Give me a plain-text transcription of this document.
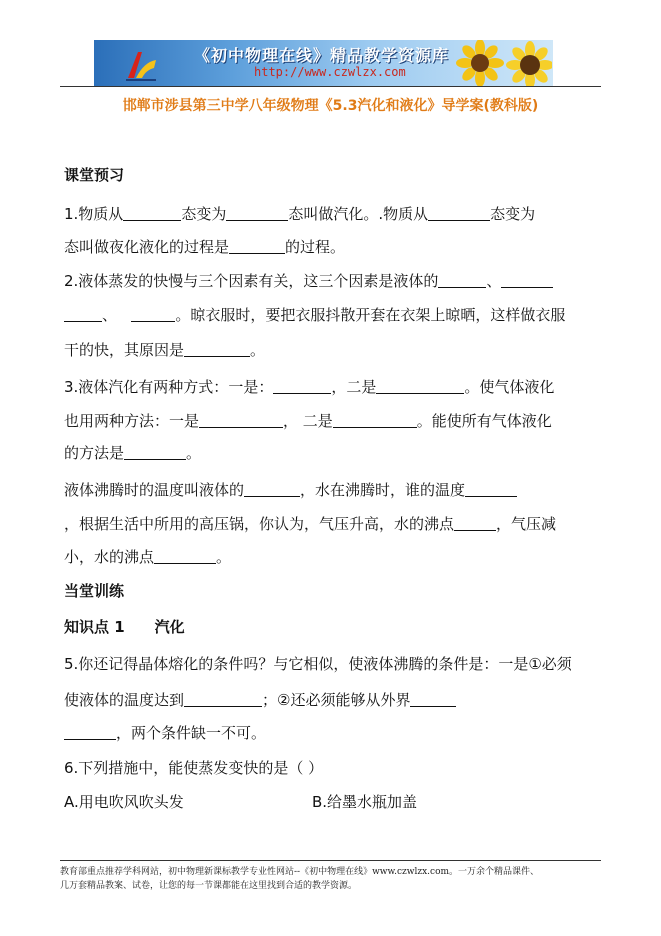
《初中物理在线》精品教学资源库
http://www.czwlzx.com
邯郸市涉县第三中学八年级物理《5.3汽化和液化》导学案(教科版)
课堂预习
1.物质从	态变为	态叫做汽化。.物质从	态变为
态叫做夜化液化的过程是	的过程。
2.液体蒸发的快慢与三个因素有关，这三个因素是液体的	、
、	。晾衣服时，要把衣服抖散开套在衣架上晾晒，这样做衣服
干的快，其原因是	。
3.液体汽化有两种方式：一是：	，二是	。使气体液化
也用两种方法：一是	， 二是	。能使所有气体液化
的方法是	。
液体沸腾时的温度叫液体的	，水在沸腾时，谁的温度
，根据生活中所用的高压锅，你认为，气压升高，水的沸点	，气压减
小，水的沸点	。
当堂训练
知识点 1 汽化
5.你还记得晶体熔化的条件吗？与它相似，使液体沸腾的条件是：一是①必须
使液体的温度达到	；②还必须能够从外界
，两个条件缺一不可。
6.下列措施中，能使蒸发变快的是（ ）
A.用电吹风吹头发	B.给墨水瓶加盖
教育部重点推荐学科网站，初中物理新课标教学专业性网站--《初中物理在线》www.czwlzx.com。一万余个精品课件、
几万套精品教案、试卷，让您的每一节课都能在这里找到合适的教学资源。
